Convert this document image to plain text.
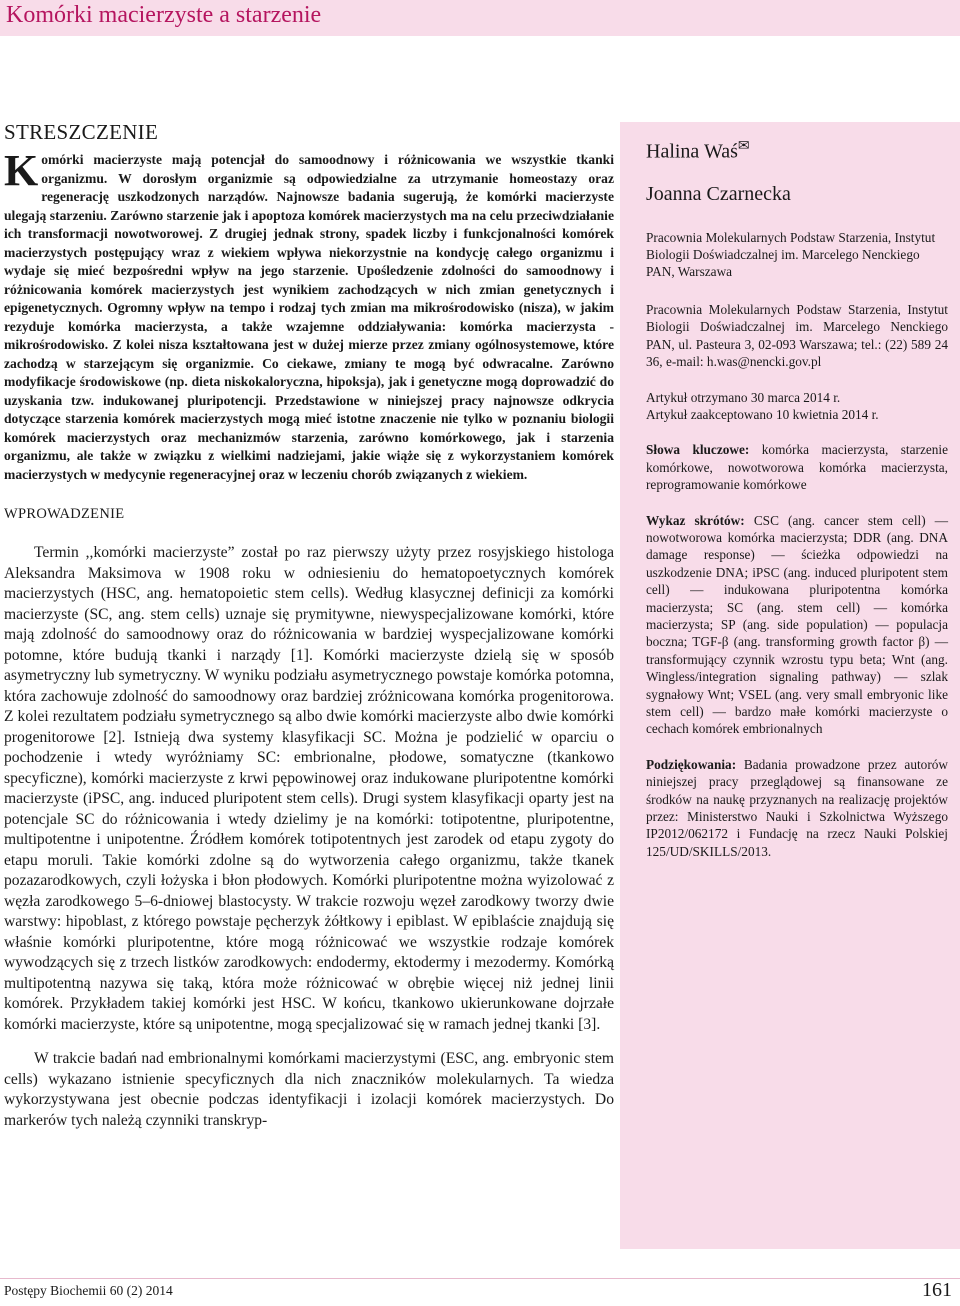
Komórki macierzyste a starzenie
STRESZCZENIE

Komórki macierzyste mają potencjał do samoodnowy i różnicowania we wszystkie tkanki organizmu. W dorosłym organizmie są odpowiedzialne za utrzymanie homeostazy oraz regenerację uszkodzonych narządów. Najnowsze badania sugerują, że komórki macierzyste ulegają starzeniu. Zarówno starzenie jak i apoptoza komórek macierzystych ma na celu przeciwdziałanie ich transformacji nowotworowej. Z drugiej jednak strony, spadek liczby i funkcjonalności komórek macierzystych postępujący wraz z wiekiem wpływa niekorzystnie na kondycję całego organizmu i wydaje się mieć bezpośredni wpływ na jego starzenie. Upośledzenie zdolności do samoodnowy i różnicowania komórek macierzystych jest wynikiem zachodzących w nich zmian genetycznych i epigenetycznych. Ogromny wpływ na tempo i rodzaj tych zmian ma mikrośrodowisko (nisza), w jakim rezyduje komórka macierzysta, a także wzajemne oddziaływania: komórka macierzysta - mikrośrodowisko. Z kolei nisza kształtowana jest w dużej mierze przez zmiany ogólnosystemowe, które zachodzą w starzejącym się organizmie. Co ciekawe, zmiany te mogą być odwracalne. Zarówno modyfikacje środowiskowe (np. dieta niskokaloryczna, hipoksja), jak i genetyczne mogą doprowadzić do uzyskania tzw. indukowanej pluripotencji. Przedstawione w niniejszej pracy najnowsze odkrycia dotyczące starzenia komórek macierzystych mogą mieć istotne znaczenie nie tylko w poznaniu biologii komórek macierzystych oraz mechanizmów starzenia, zarówno komórkowego, jak i starzenia organizmu, ale także w związku z wielkimi nadziejami, jakie wiąże się z wykorzystaniem komórek macierzystych w medycynie regeneracyjnej oraz w leczeniu chorób związanych z wiekiem.

WPROWADZENIE

Termin ,,komórki macierzyste” został po raz pierwszy użyty przez rosyjskiego histologa Aleksandra Maksimova w 1908 roku w odniesieniu do hematopoetycznych komórek macierzystych (HSC, ang. hematopoietic stem cells). Według klasycznej definicji za komórki macierzyste (SC, ang. stem cells) uznaje się prymitywne, niewyspecjalizowane komórki, które mają zdolność do samoodnowy oraz do różnicowania w bardziej wyspecjalizowane komórki potomne, które budują tkanki i narządy [1]. Komórki macierzyste dzielą się w sposób asymetryczny lub symetryczny. W wyniku podziału asymetrycznego powstaje komórka potomna, która zachowuje zdolność do samoodnowy oraz bardziej zróżnicowana komórka progenitorowa. Z kolei rezultatem podziału symetrycznego są albo dwie komórki macierzyste albo dwie komórki progenitorowe [2]. Istnieją dwa systemy klasyfikacji SC. Można je podzielić w oparciu o pochodzenie i wtedy wyróżniamy SC: embrionalne, płodowe, somatyczne (tkankowo specyficzne), komórki macierzyste z krwi pępowinowej oraz indukowane pluripotentne komórki macierzyste (iPSC, ang. induced pluripotent stem cells). Drugi system klasyfikacji oparty jest na potencjale SC do różnicowania i wtedy dzielimy je na komórki: totipotentne, pluripotentne, multipotentne i unipotentne. Źródłem komórek totipotentnych jest zarodek od etapu zygoty do etapu moruli. Takie komórki zdolne są do wytworzenia całego organizmu, także tkanek pozazarodkowych, czyli łożyska i błon płodowych. Komórki pluripotentne można wyizolować z węzła zarodkowego 5–6-dniowej blastocysty. W trakcie rozwoju węzeł zarodkowy tworzy dwie warstwy: hipoblast, z którego powstaje pęcherzyk żółtkowy i epiblast. W epiblaście znajdują się właśnie komórki pluripotentne, które mogą różnicować we wszystkie rodzaje komórek wywodzących się z trzech listków zarodkowych: endodermy, ektodermy i mezodermy. Komórką multipotentną nazywa się taką, która może różnicować w obrębie więcej niż jednej linii komórek. Przykładem takiej komórki jest HSC. W końcu, tkankowo ukierunkowane dojrzałe komórki macierzyste, które są unipotentne, mogą specjalizować się w ramach jednej tkanki [3].

W trakcie badań nad embrionalnymi komórkami macierzystymi (ESC, ang. embryonic stem cells) wykazano istnienie specyficznych dla nich znaczników molekularnych. Ta wiedza wykorzystywana jest obecnie podczas identyfikacji i izolacji komórek macierzystych. Do markerów tych należą czynniki transkryp-

Halina Waś✉

Joanna Czarnecka

Pracownia Molekularnych Podstaw Starzenia, Instytut Biologii Doświadczalnej im. Marcelego Nenckiego PAN, Warszawa
Pracownia Molekularnych Podstaw Starzenia, Instytut Biologii Doświadczalnej im. Marcelego Nenckiego PAN, ul. Pasteura 3, 02-093 Warszawa; tel.: (22) 589 24 36, e-mail: h.was@nencki.gov.pl
Artykuł otrzymano 30 marca 2014 r.
Artykuł zaakceptowano 10 kwietnia 2014 r.
Słowa kluczowe: komórka macierzysta, starzenie komórkowe, nowotworowa komórka macierzysta, reprogramowanie komórkowe
Wykaz skrótów: CSC (ang. cancer stem cell) — nowotworowa komórka macierzysta; DDR (ang. DNA damage response) — ścieżka odpowiedzi na uszkodzenie DNA; iPSC (ang. induced pluripotent stem cell) — indukowana pluripotentna komórka macierzysta; SC (ang. stem cell) — komórka macierzysta; SP (ang. side population) — populacja boczna; TGF-β (ang. transforming growth factor β) — transformujący czynnik wzrostu typu beta; Wnt (ang. Wingless/integration signaling pathway) — szlak sygnałowy Wnt; VSEL (ang. very small embryonic like stem cell) — bardzo małe komórki macierzyste o cechach komórek embrionalnych
Podziękowania: Badania prowadzone przez autorów niniejszej pracy przeglądowej są finansowane ze środków na naukę przyznanych na realizację projektów przez: Ministerstwo Nauki i Szkolnictwa Wyższego IP2012/062172 i Fundację na rzecz Nauki Polskiej 125/UD/SKILLS/2013.
Postępy Biochemii 60 (2) 2014	161
